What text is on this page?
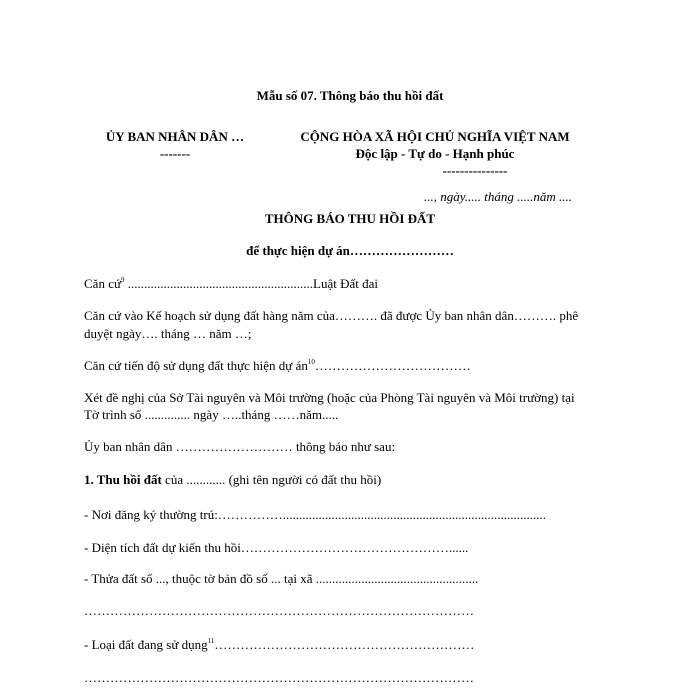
Mẫu số 07. Thông báo thu hồi đất
ỦY BAN NHÂN DÂN …
-------
CỘNG HÒA XÃ HỘI CHỦ NGHĨA VIỆT NAM
Độc lập - Tự do - Hạnh phúc
---------------
..., ngày..... tháng .....năm ....
THÔNG BÁO THU HỒI ĐẤT
để thực hiện dự án……………………
Căn cứ$^9$ .........................................................Luật Đất đai
Căn cứ vào Kế hoạch sử dụng đất hàng năm của………. đã được Ủy ban nhân dân………. phê
duyệt ngày…. tháng … năm …;
Căn cứ tiến độ sử dụng đất thực hiện dự $án^{10}\dots\dots\dots\dots\dots\dots\dots\dots\dots\dots\dots\dots$
Xét đề nghị của Sở Tài nguyên và Môi trường (hoặc của Phòng Tài nguyên và Môi trường) tại
Tờ trình số .............. ngày …..tháng ……năm.....
Ủy ban nhân dân ……………………… thông báo như sau:
1. Thu hồi đất của ............ (ghi tên người có đất thu hồi)
- Nơi đăng ký thường trú:…………….................................................................................
- Diện tích đất dự kiến thu hồi…………………………………………......
- Thửa đất số ..., thuộc tờ bản đồ số ... tại xã ..................................................
………………………………………………………………………………
- Loại đất đang sử dụng$^{11}$……………………………………………………
………………………………………………………………………………
